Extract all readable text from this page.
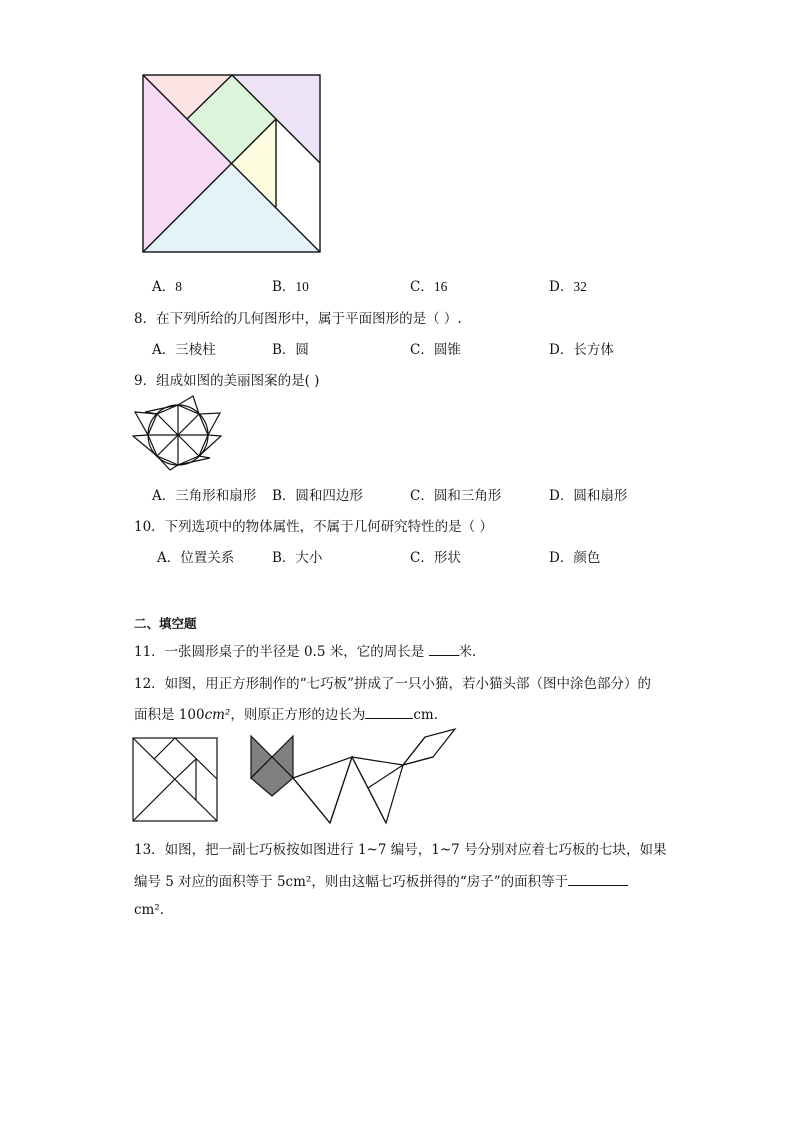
A．8	B．10	C．16	D．32
8．在下列所给的几何图形中，属于平面图形的是（ ）.
A．三棱柱	B．圆	C．圆锥	D．长方体
9．组成如图的美丽图案的是( )
A．三角形和扇形 B．圆和四边形	C．圆和三角形	D．圆和扇形
10．下列选项中的物体属性，不属于几何研究特性的是（ ）
A．位置关系	B．大小	C．形状	D．颜色
二、填空题
11．一张圆形桌子的半径是 0.5 米，它的周长是 米.
12．如图，用正方形制作的“七巧板”拼成了一只小猫，若小猫头部（图中涂色部分）的
面积是 100cm²，则原正方形的边长为	cm.
13．如图，把一副七巧板按如图进行 1~7 编号，1~7 号分别对应着七巧板的七块，如果
编号 5 对应的面积等于 5cm²，则由这幅七巧板拼得的“房子”的面积等于
cm².
